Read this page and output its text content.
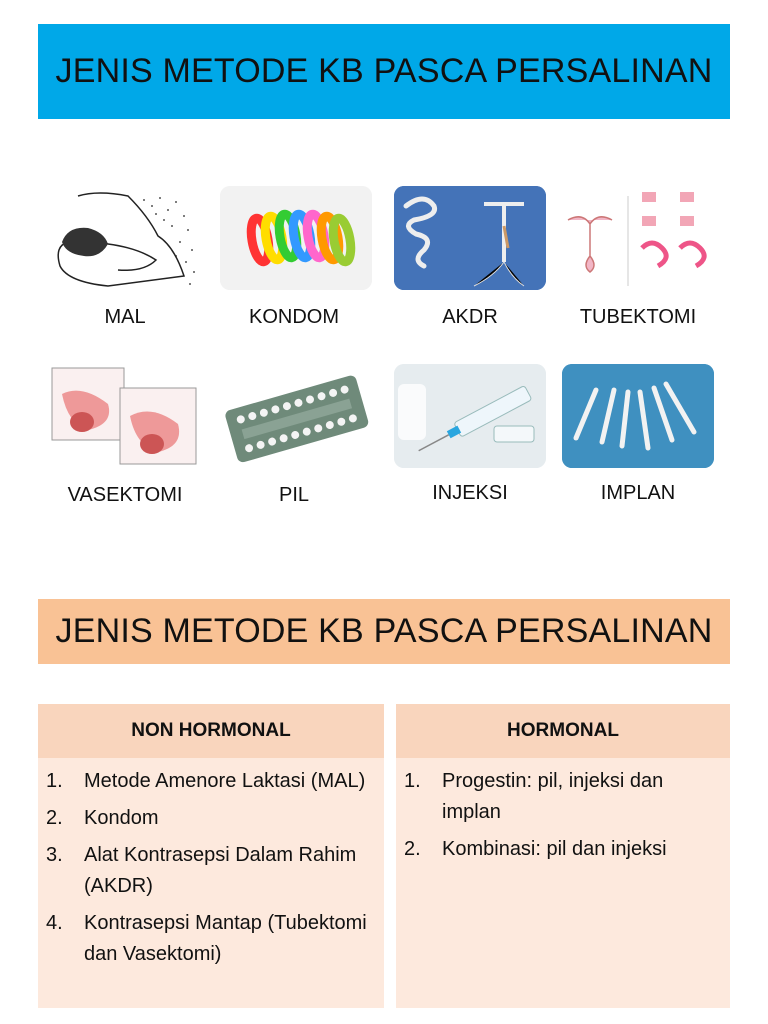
JENIS METODE KB PASCA PERSALINAN
MAL	KONDOM	AKDR	TUBEKTOMI
VASEKTOMI	PIL	INJEKSI	IMPLAN
JENIS METODE KB PASCA PERSALINAN
NON HORMONAL
1.	Metode Amenore Laktasi (MAL)
2.	Kondom
3.	Alat Kontrasepsi Dalam Rahim (AKDR)
4.	Kontrasepsi Mantap (Tubektomi dan Vasektomi)
HORMONAL
1.	Progestin: pil, injeksi dan implan
2.	Kombinasi: pil dan injeksi
